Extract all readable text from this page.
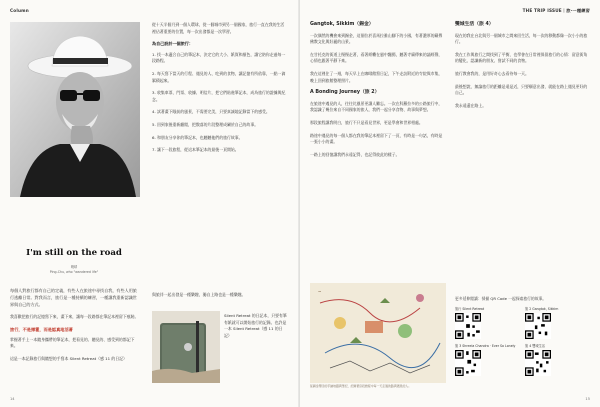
Column
I'm still on the road
曉晴
Ping-Chu, who "wandered life"

每個人對旅行都有自己的定義，有些人在旅途中尋找自我，有些人用旅行逃離日常。對我而言，旅行是一種持續的練習，一種讓我重新認識世界與自己的方式。

我喜歡把旅行的記憶寫下來，畫下來，讓每一段路都在筆記本裡留下痕跡。

旅行，不是揮霍，而是認真地活著

掌握著手上一本隨身攜帶的筆記本，把看見的、聽見的、感受到的都記下來。

這是一本記錄旅行與隨想的手寫本 Silent Retreat（感 11 的日記）

從十天半個月到一個人環球，從一個城市到另一個國家，旅行一直在我的生活裡佔著重要的位置，每一次出發都是一次學習。

為自己設計一個旅行：

1. 找一本適合自己的筆記本，決定它的大小、紙質和顏色，讓它陪你走過每一段路程。

2. 每天寫下當天的行程、遇見的人、吃到的食物，讓記憶有所依靠，一點一滴累積起來。

3. 收集車票、門票、收據、明信片，把它們貼進筆記本，成為旅行的證據與紀念。

4. 試著畫下眼前的風景，不需要完美，只要真誠地記錄當下的感受。

5. 回到家後重新翻閱，把散落的片段整理成屬於自己的故事。

6. 和朋友分享你的筆記本，也聽聽他們的旅行故事。

7. 讓下一段旅程，從這本筆記本的最後一頁開始。

與旅伴一起出發是一種樂趣，獨自上路也是一種樂趣。

Silent Retreat 的日記本，只要有筆有紙就可以開始旅行的記錄。也許是一本 Silent Retreat（感 11 的日記）
14
THE TRIP ISSUE｜旅·一種練習
Gangtok, Sikkim（錫金）

一次偶然的機會來到錫金，這個位於喜馬拉雅山腳下的小國，有著濃厚的藏傳佛教文化與壯麗的山景。

在甘托克的街道上慢慢走著，看著經幡在風中飄揚，聽著寺廟傳來的誦經聲，心情也跟著平靜下來。

我在這裡住了一週，每天早上在咖啡館寫日記，下午走訪附近的寺院與市集，晚上回到旅館整理照片。

A Bonding Journey（旅 2）

在旅途中遇見的人，往往比風景更讓人難忘。一次在科羅拉多的公路旅行中，我認識了幾位來自不同國家的旅人，我們一起分享食物、故事與夢想。

那段旅程讓我明白，旅行不只是看見世界，更是學會和世界相處。

路途中遇見的每一個人都在我的筆記本裡留下了一頁，有時是一句話，有時是一張小小的畫。

一路上的回憶讓我們永遠記得，也記得彼此的樣子。

~
從錫金帶回的手繪地圖與筆記，記錄著這段旅程中每一天走過的路與遇見的人。
雙城生活（旅 4）

現在的我在台北與另一個城市之間來回生活，每一次的移動都像一次小小的旅行。

我在工作與旅行之間找到了平衡，也學會在日常裡保留旅行的心情：留意街角的變化、認識新的朋友、嘗試不同的食物。

旅行教會我的，是用好奇心去看待每一天。

最後想說，無論旅行的距離是遠是近，只要願意出發，就能在路上遇見更好的自己。

我永遠還在路上。

更多延伸閱讀：掃描 QR Code 一起探索旅行的故事。
旅行 Silent Retreat	旅 2 Gangtok, Sikkim
旅 3 Shreela Chandra · Ever So Lonely	旅 4 雙城生活
15
